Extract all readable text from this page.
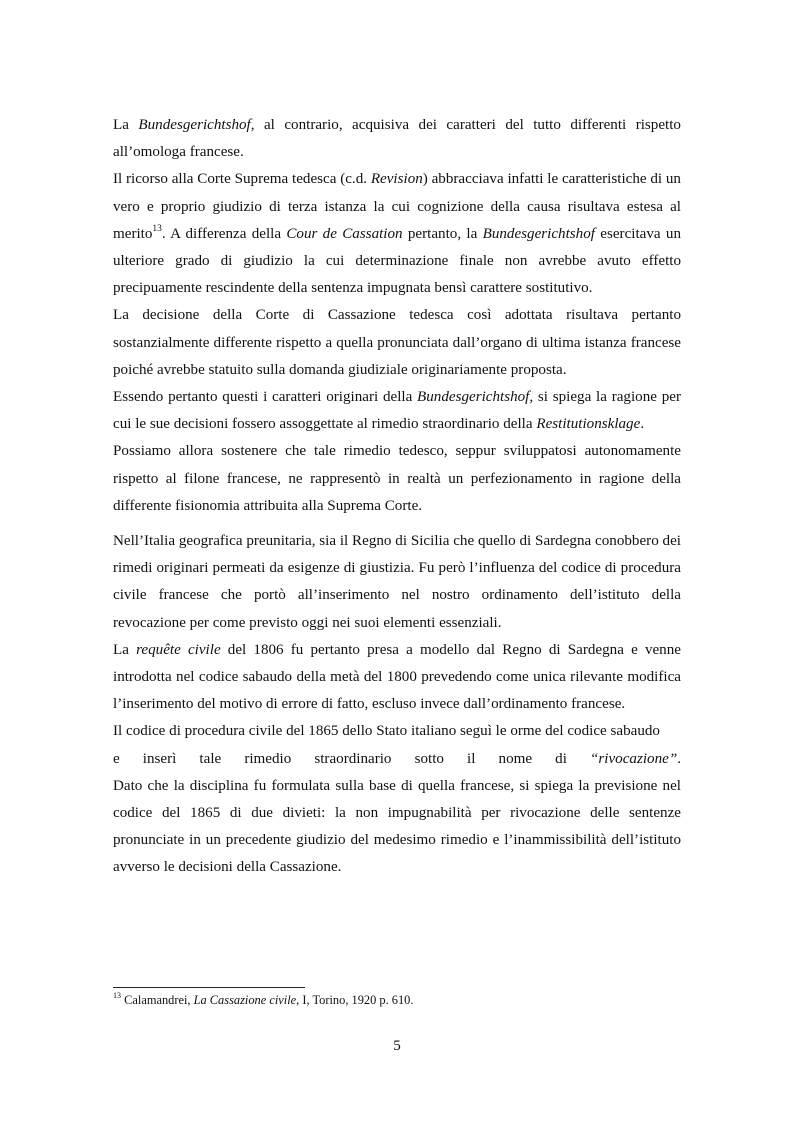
La Bundesgerichtshof, al contrario, acquisiva dei caratteri del tutto differenti rispetto all’omologa francese.

Il ricorso alla Corte Suprema tedesca (c.d. Revision) abbracciava infatti le caratteristiche di un vero e proprio giudizio di terza istanza la cui cognizione della causa risultava estesa al merito$^{13}$. A differenza della Cour de Cassation pertanto, la Bundesgerichtshof esercitava un ulteriore grado di giudizio la cui determinazione finale non avrebbe avuto effetto precipuamente rescindente della sentenza impugnata bensì carattere sostitutivo.

La decisione della Corte di Cassazione tedesca così adottata risultava pertanto sostanzialmente differente rispetto a quella pronunciata dall’organo di ultima istanza francese poiché avrebbe statuito sulla domanda giudiziale originariamente proposta.

Essendo pertanto questi i caratteri originari della Bundesgerichtshof, si spiega la ragione per cui le sue decisioni fossero assoggettate al rimedio straordinario della Restitutionsklage.

Possiamo allora sostenere che tale rimedio tedesco, seppur sviluppatosi autonomamente rispetto al filone francese, ne rappresentò in realtà un perfezionamento in ragione della differente fisionomia attribuita alla Suprema Corte.

Nell’Italia geografica preunitaria, sia il Regno di Sicilia che quello di Sardegna conobbero dei rimedi originari permeati da esigenze di giustizia. Fu però l’influenza del codice di procedura civile francese che portò all’inserimento nel nostro ordinamento dell’istituto della revocazione per come previsto oggi nei suoi elementi essenziali.

La requête civile del 1806 fu pertanto presa a modello dal Regno di Sardegna e venne introdotta nel codice sabaudo della metà del 1800 prevedendo come unica rilevante modifica l’inserimento del motivo di errore di fatto, escluso invece dall’ordinamento francese.

Il codice di procedura civile del 1865 dello Stato italiano seguì le orme del codice sabaudo
e inserì tale rimedio straordinario sotto il nome di “rivocazione”.

Dato che la disciplina fu formulata sulla base di quella francese, si spiega la previsione nel codice del 1865 di due divieti: la non impugnabilità per rivocazione delle sentenze pronunciate in un precedente giudizio del medesimo rimedio e l’inammissibilità dell’istituto avverso le decisioni della Cassazione.

$^{13}$ Calamandrei, La Cassazione civile, I, Torino, 1920 p. 610.
5
